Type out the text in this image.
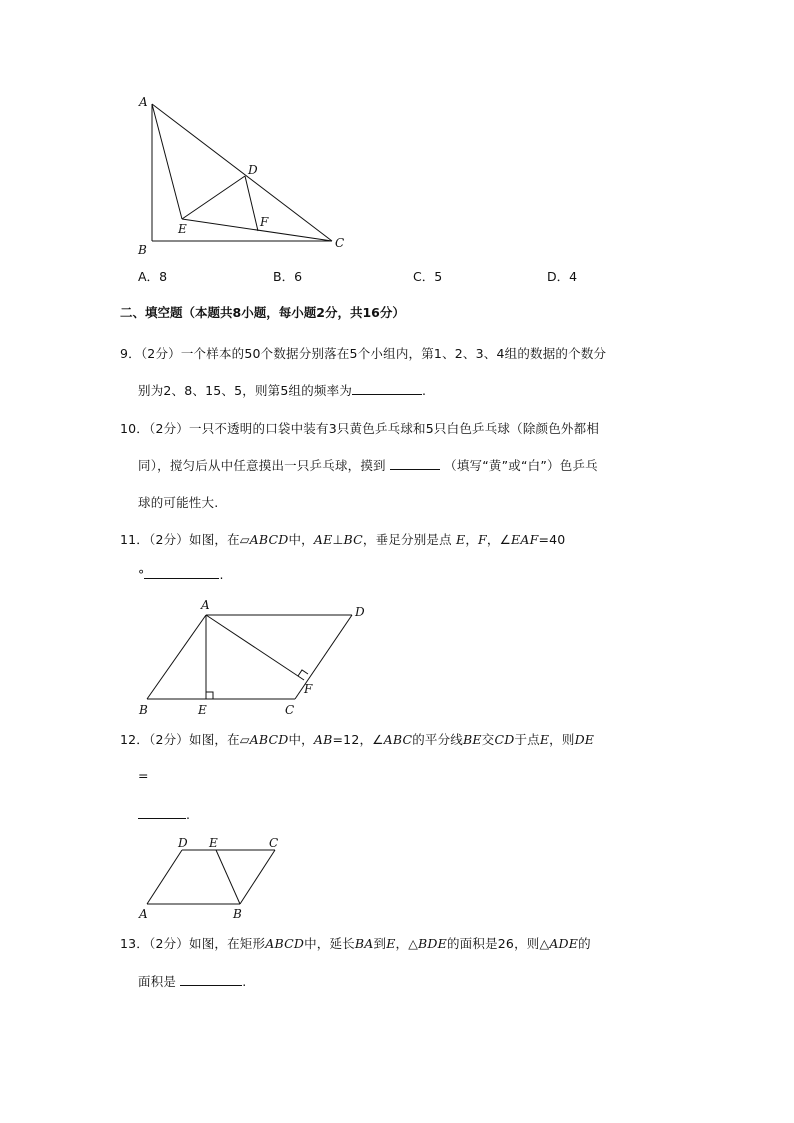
A
B	C
D
E	F
A．8	B．6	C．5	D．4
二、填空题（本题共8小题，每小题2分，共16分）
9．（2分）一个样本的50个数据分别落在5个小组内，第1、2、3、4组的数据的个数分
别为2、8、15、5，则第5组的频率为	.
10．（2分）一只不透明的口袋中装有3只黄色乒乓球和5只白色乒乓球（除颜色外都相
同），搅匀后从中任意摸出一只乒乓球，摸到	（填写“黄”或“白”）色乒乓
球的可能性大.
11．（2分）如图，在▱ABCD中，AE⊥BC，垂足分别是点 E，F，∠EAF=40
°	.
A
B	C
D
E
F
12．（2分）如图，在▱ABCD中，AB=12，∠ABC的平分线BE交CD于点E，则DE
=
.
A	B
C
D E
13．（2分）如图，在矩形ABCD中，延长BA到E，△BDE的面积是26，则△ADE的
面积是	.
